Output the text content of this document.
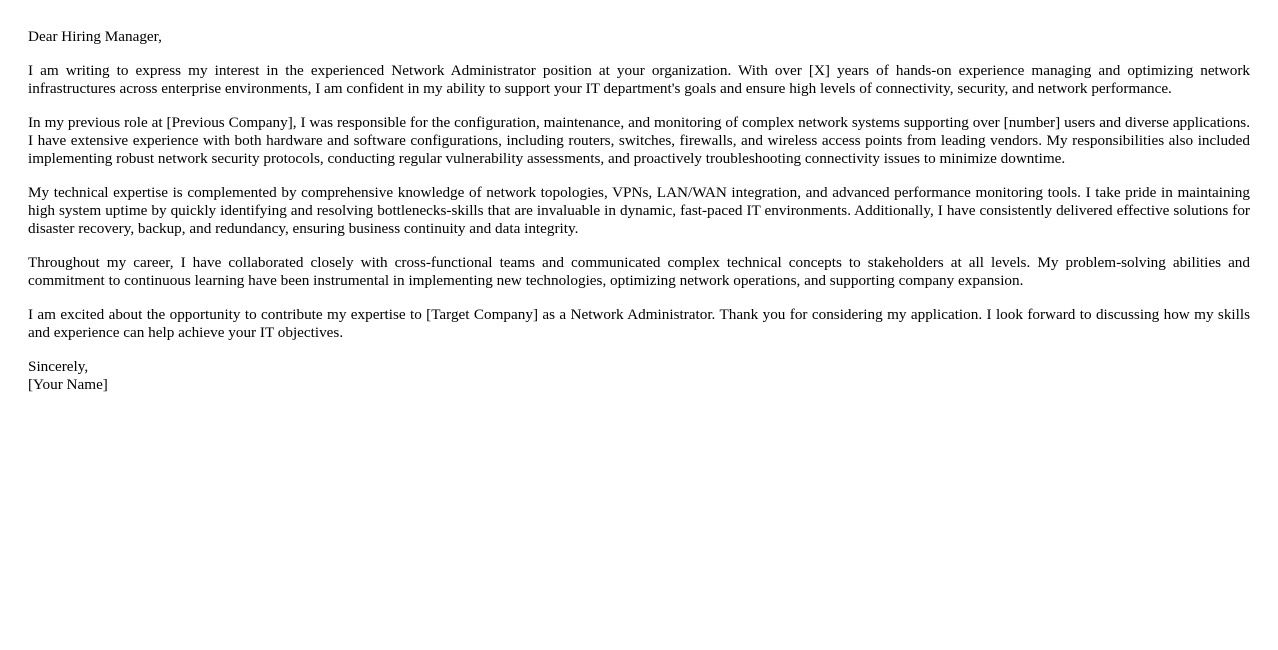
Dear Hiring Manager,

I am writing to express my interest in the experienced Network Administrator position at your organization. With over [X] years of hands-on experience managing and optimizing network infrastructures across enterprise environments, I am confident in my ability to support your IT department's goals and ensure high levels of connectivity, security, and network performance.

In my previous role at [Previous Company], I was responsible for the configuration, maintenance, and monitoring of complex network systems supporting over [number] users and diverse applications. I have extensive experience with both hardware and software configurations, including routers, switches, firewalls, and wireless access points from leading vendors. My responsibilities also included implementing robust network security protocols, conducting regular vulnerability assessments, and proactively troubleshooting connectivity issues to minimize downtime.

My technical expertise is complemented by comprehensive knowledge of network topologies, VPNs, LAN/WAN integration, and advanced performance monitoring tools. I take pride in maintaining high system uptime by quickly identifying and resolving bottlenecks-skills that are invaluable in dynamic, fast-paced IT environments. Additionally, I have consistently delivered effective solutions for disaster recovery, backup, and redundancy, ensuring business continuity and data integrity.

Throughout my career, I have collaborated closely with cross-functional teams and communicated complex technical concepts to stakeholders at all levels. My problem-solving abilities and commitment to continuous learning have been instrumental in implementing new technologies, optimizing network operations, and supporting company expansion.

I am excited about the opportunity to contribute my expertise to [Target Company] as a Network Administrator. Thank you for considering my application. I look forward to discussing how my skills and experience can help achieve your IT objectives.

Sincerely,
[Your Name]
